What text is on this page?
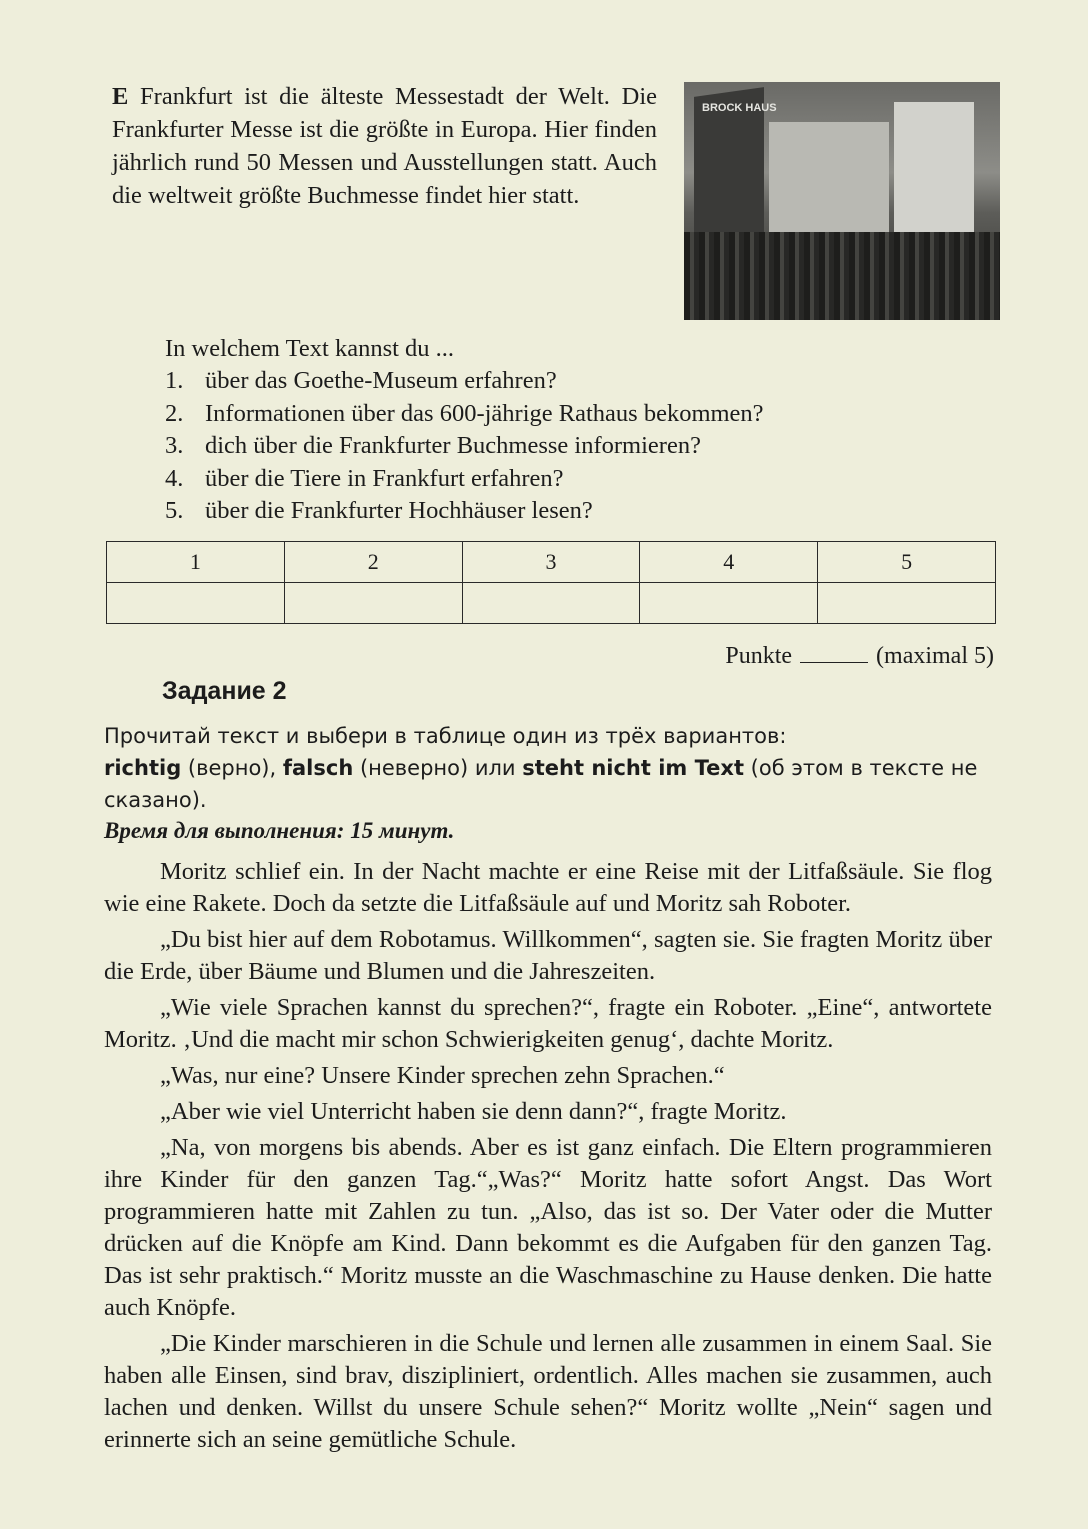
E Frankfurt ist die älteste Messestadt der Welt. Die Frankfurter Messe ist die größte in Europa. Hier finden jährlich rund 50 Messen und Ausstellungen statt. Auch die weltweit größte Buchmesse findet hier statt.
BROCK HAUS
In welchem Text kannst du ...
1. über das Goethe-Museum erfahren?
2. Informationen über das 600-jährige Rathaus bekommen?
3. dich über die Frankfurter Buchmesse informieren?
4. über die Tiere in Frankfurt erfahren?
5. über die Frankfurter Hochhäuser lesen?
1	2	3	4	5

Punkte	(maximal 5)
Задание 2
Прочитай текст и выбери в таблице один из трёх вариантов:
richtig (верно), falsch (неверно) или steht nicht im Text (об этом в тексте не сказано).
Время для выполнения: 15 минут.

Moritz schlief ein. In der Nacht machte er eine Reise mit der Litfaßsäule. Sie flog wie eine Rakete. Doch da setzte die Litfaßsäule auf und Moritz sah Roboter.

„Du bist hier auf dem Robotamus. Willkommen“, sagten sie. Sie fragten Moritz über die Erde, über Bäume und Blumen und die Jahreszeiten.

„Wie viele Sprachen kannst du sprechen?“, fragte ein Roboter. „Eine“, antwortete Moritz. ‚Und die macht mir schon Schwierigkeiten genug‘, dachte Moritz.

„Was, nur eine? Unsere Kinder sprechen zehn Sprachen.“

„Aber wie viel Unterricht haben sie denn dann?“, fragte Moritz.

„Na, von morgens bis abends. Aber es ist ganz einfach. Die Eltern programmieren ihre Kinder für den ganzen Tag.“„Was?“ Moritz hatte sofort Angst. Das Wort programmieren hatte mit Zahlen zu tun. „Also, das ist so. Der Vater oder die Mutter drücken auf die Knöpfe am Kind. Dann bekommt es die Aufgaben für den ganzen Tag. Das ist sehr praktisch.“ Moritz musste an die Waschmaschine zu Hause denken. Die hatte auch Knöpfe.

„Die Kinder marschieren in die Schule und lernen alle zusammen in einem Saal. Sie haben alle Einsen, sind brav, diszipliniert, ordentlich. Alles machen sie zusammen, auch lachen und denken. Willst du unsere Schule sehen?“ Moritz wollte „Nein“ sagen und erinnerte sich an seine gemütliche Schule.
